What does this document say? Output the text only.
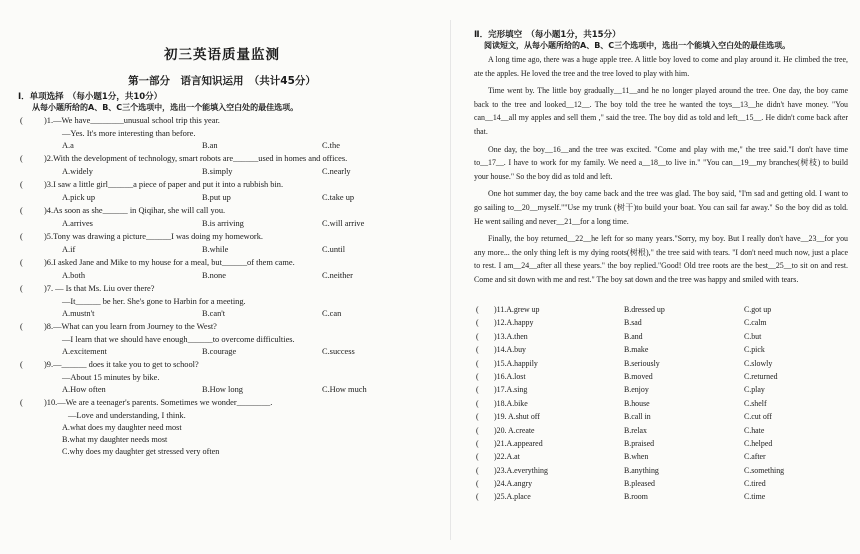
初三英语质量监测
第一部分　语言知识运用　（共计45分）
Ⅰ．单项选择　（每小题1分，共10分）
从每小题所给的A、B、C三个选项中，选出一个能填入空白处的最佳选项。
(	)1.—We have________unusual school trip this year.
—Yes. It's more interesting than before.
A.a	B.an	C.the
(	)2.With the development of technology, smart robots are______used in homes and offices.
A.widely	B.simply	C.nearly
(	)3.I saw a little girl______a piece of paper and put it into a rubbish bin.
A.pick up	B.put up	C.take up
(	)4.As soon as she______ in Qiqihar, she will call you.
A.arrives	B.is arriving	C.will arrive
(	)5.Tony was drawing a picture______I was doing my homework.
A.if	B.while	C.until
(	)6.I asked Jane and Mike to my house for a meal, but______of them came.
A.both	B.none	C.neither
(	)7. — Is that Ms. Liu over there?
—It______ be her. She's gone to Harbin for a meeting.
A.mustn't	B.can't	C.can
(	)8.—What can you learn from Journey to the West?
—I learn that we should have enough______to overcome difficulties.
A.excitement	B.courage	C.success
(	)9.—______ does it take you to get to school?
—About 15 minutes by bike.
A.How often	B.How long	C.How much
(	)10.—We are a teenager's parents. Sometimes we wonder________.
—Love and understanding, I think.
A.what does my daughter need most
B.what my daughter needs most
C.why does my daughter get stressed very often
Ⅱ．完形填空　（每小题1分，共15分）
阅读短文，从每小题所给的A、B、C三个选项中，选出一个能填入空白处的最佳选项。

A long time ago, there was a huge apple tree. A little boy loved to come and play around it. He climbed the tree, ate the apples. He loved the tree and the tree loved to play with him.

Time went by. The little boy gradually__11__and he no longer played around the tree. One day, the boy came back to the tree and looked__12__. The boy told the tree he wanted the toys__13__he didn't have money. "You can__14__all my apples and sell them ," said the tree. The boy did as told and left__15__. He didn't come back after that.

One day, the boy__16__and the tree was excited. "Come and play with me," the tree said."I don't have time to__17__. I have to work for my family. We need a__18__to live in." "You can__19__my branches(树枝) to build your house." So the boy did as told and left.

One hot summer day, the boy came back and the tree was glad. The boy said, "I'm sad and getting old. I want to go sailing to__20__myself.""Use my trunk (树干)to build your boat. You can sail far away." So the boy did as told. He went sailing and never__21__for a long time.

Finally, the boy returned__22__he left for so many years."Sorry, my boy. But I really don't have__23__for you any more... the only thing left is my dying roots(树根)," the tree said with tears. "I don't need much now, just a place to rest. I am__24__after all these years." the boy replied."Good! Old tree roots are the best__25__to sit on and rest. Come and sit down with me and rest." The boy sat down and the tree was happy and smiled with tears.

( )11.A.grew up	B.dressed up	C.got up
( )12.A.happy	B.sad	C.calm
( )13.A.then	B.and	C.but
( )14.A.buy	B.make	C.pick
( )15.A.happily	B.seriously	C.slowly
( )16.A.lost	B.moved	C.returned
( )17.A.sing	B.enjoy	C.play
( )18.A.bike	B.house	C.shelf
( )19. A.shut off	B.call in	C.cut off
( )20. A.create	B.relax	C.hate
( )21.A.appeared	B.praised	C.helped
( )22.A.at	B.when	C.after
( )23.A.everything	B.anything	C.something
( )24.A.angry	B.pleased	C.tired
( )25.A.place	B.room	C.time
